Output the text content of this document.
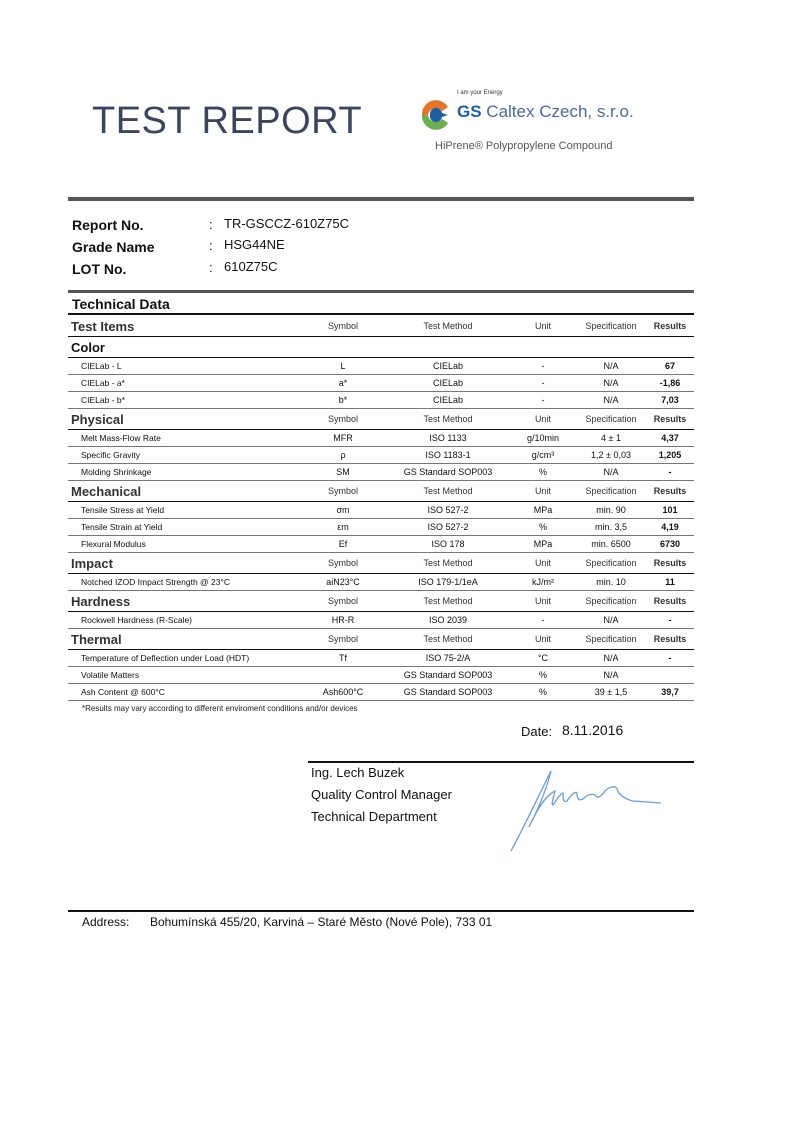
TEST REPORT
I am your Energy
GS Caltex Czech, s.r.o.
HiPrene® Polypropylene Compound
Report No.	: TR-GSCCZ-610Z75C
Grade Name	: HSG44NE
LOT No.	: 610Z75C
Technical Data
Test Items	Symbol	Test Method	Unit	Specification	Results
Color					
CIELab - L	L	CIELab	-	N/A	67
CIELab - a*	a*	CIELab	-	N/A	-1,86
CIELab - b*	b*	CIELab	-	N/A	7,03
Physical	Symbol	Test Method	Unit	Specification	Results
Melt Mass-Flow Rate	MFR	ISO 1133	g/10min	4 ± 1	4,37
Specific Gravity	ρ	ISO 1183-1	g/cm³	1,2 ± 0,03	1,205
Molding Shrinkage	SM	GS Standard SOP003	%	N/A	-
Mechanical	Symbol	Test Method	Unit	Specification	Results
Tensile Stress at Yield	σm	ISO 527-2	MPa	min. 90	101
Tensile Strain at Yield	εm	ISO 527-2	%	min. 3,5	4,19
Flexural Modulus	Ef	ISO 178	MPa	min. 6500	6730
Impact	Symbol	Test Method	Unit	Specification	Results
Notched IZOD Impact Strength @ 23°C	aiN23°C	ISO 179-1/1eA	kJ/m²	min. 10	11
Hardness	Symbol	Test Method	Unit	Specification	Results
Rockwell Hardness (R-Scale)	HR-R	ISO 2039	-	N/A	-
Thermal	Symbol	Test Method	Unit	Specification	Results
Temperature of Deflection under Load (HDT)	Tf	ISO 75-2/A	°C	N/A	-
Volatile Matters		GS Standard SOP003	%	N/A	
Ash Content @ 600°C	Ash600°C	GS Standard SOP003	%	39 ± 1,5	39,7
*Results may vary according to different enviroment conditions and/or devices
Date: 8.11.2016
Ing. Lech Buzek
Quality Control Manager
Technical Department
Address: Bohumínská 455/20, Karviná – Staré Město (Nové Pole), 733 01
